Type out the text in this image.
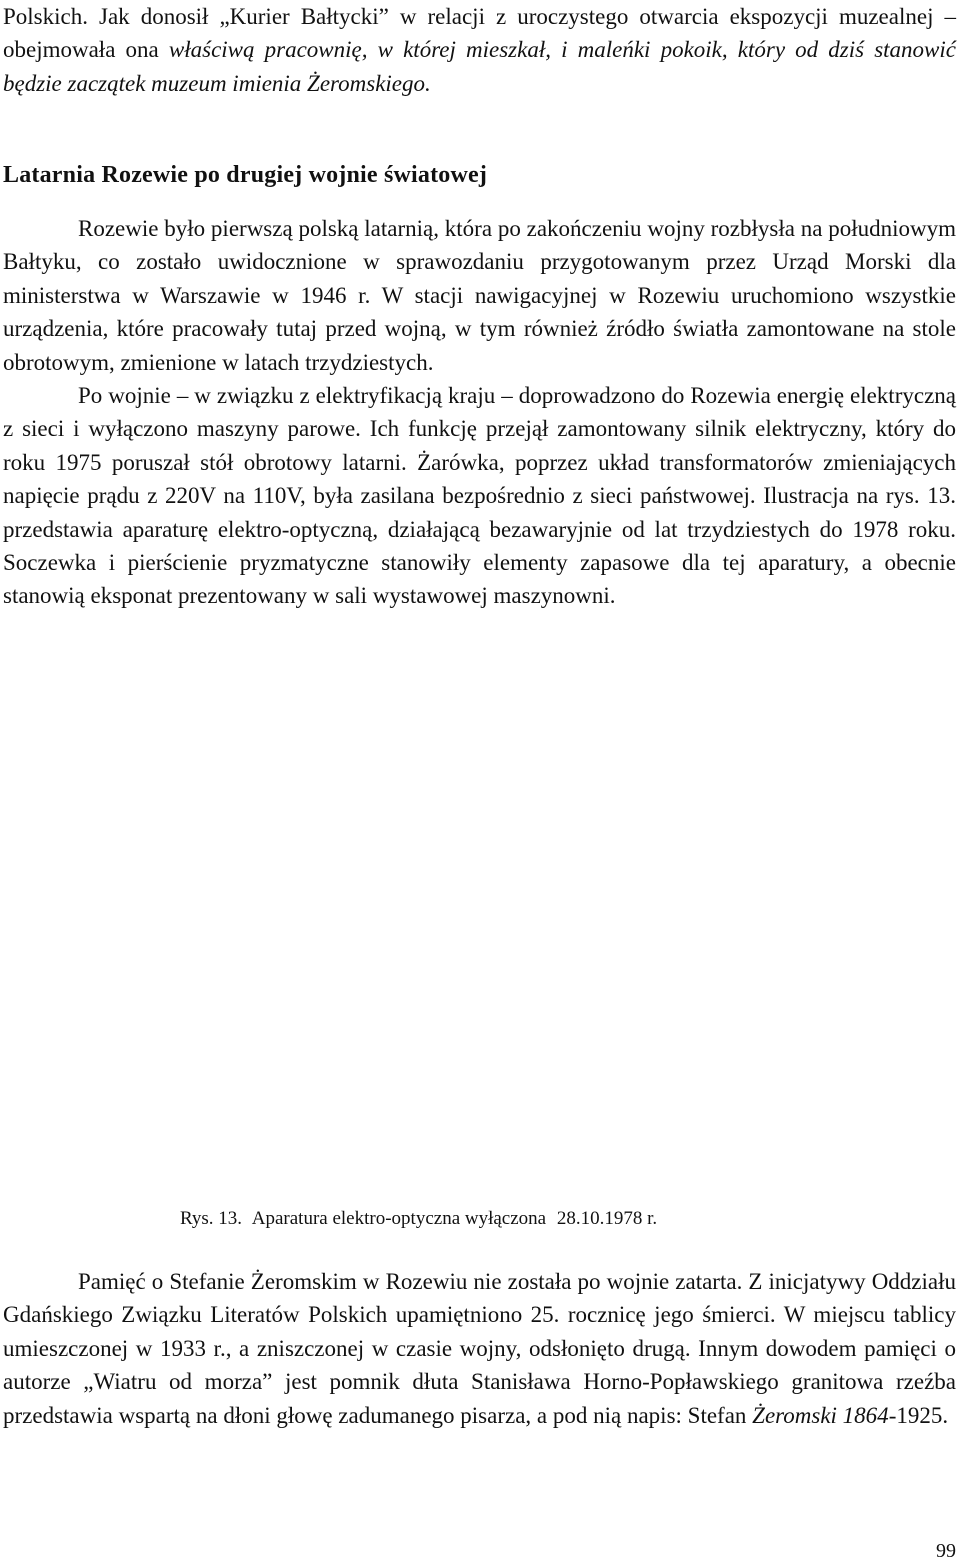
Polskich. Jak donosił „Kurier Bałtycki” w relacji z uroczystego otwarcia ekspozycji muzealnej – obejmowała ona właściwą pracownię, w której mieszkał, i maleńki pokoik, który od dziś stanowić będzie zaczątek muzeum imienia Żeromskiego.

Latarnia Rozewie po drugiej wojnie światowej

Rozewie było pierwszą polską latarnią, która po zakończeniu wojny rozbłysła na południowym Bałtyku, co zostało uwidocznione w sprawozdaniu przygotowanym przez Urząd Morski dla ministerstwa w Warszawie w 1946 r. W stacji nawigacyjnej w Rozewiu uruchomiono wszystkie urządzenia, które pracowały tutaj przed wojną, w tym również źródło światła zamontowane na stole obrotowym, zmienione w latach trzydziestych.

Po wojnie – w związku z elektryfikacją kraju – doprowadzono do Rozewia energię elektryczną z sieci i wyłączono maszyny parowe. Ich funkcję przejął zamontowany silnik elektryczny, który do roku 1975 poruszał stół obrotowy latarni. Żarówka, poprzez układ transformatorów zmieniających napięcie prądu z 220V na 110V, była zasilana bezpośrednio z sieci państwowej. Ilustracja na rys. 13. przedstawia aparaturę elektro-optyczną, działającą bezawaryjnie od lat trzydziestych do 1978 roku. Soczewka i pierścienie pryzmatyczne stanowiły elementy zapasowe dla tej aparatury, a obecnie stanowią eksponat prezentowany w sali wystawowej maszynowni.

Rys. 13. Aparatura elektro-optyczna wyłączona 28.10.1978 r.

Pamięć o Stefanie Żeromskim w Rozewiu nie została po wojnie zatarta. Z inicjatywy Oddziału Gdańskiego Związku Literatów Polskich upamiętniono 25. rocznicę jego śmierci. W miejscu tablicy umieszczonej w 1933 r., a zniszczonej w czasie wojny, odsłonięto drugą. Innym dowodem pamięci o autorze „Wiatru od morza” jest pomnik dłuta Stanisława Horno-Popławskiego granitowa rzeźba przedstawia wspartą na dłoni głowę zadumanego pisarza, a pod nią napis: Stefan Żeromski 1864-1925.

99
